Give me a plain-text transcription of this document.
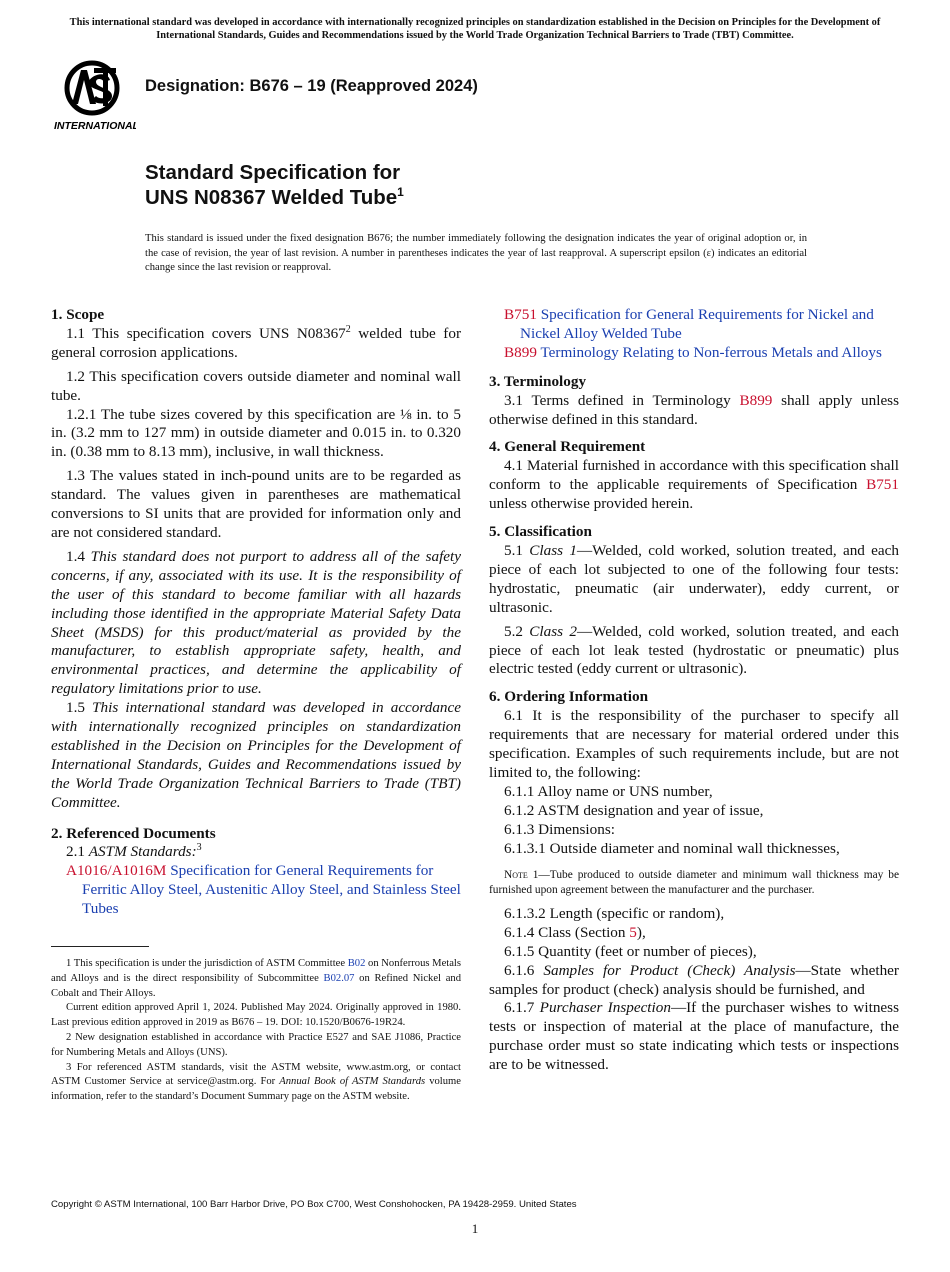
This international standard was developed in accordance with internationally recognized principles on standardization established in the Decision on Principles for the Development of International Standards, Guides and Recommendations issued by the World Trade Organization Technical Barriers to Trade (TBT) Committee.
INTERNATIONAL
Designation: B676 – 19 (Reapproved 2024)
Standard Specification for
UNS N08367 Welded Tube$^1$
This standard is issued under the fixed designation B676; the number immediately following the designation indicates the year of original adoption or, in the case of revision, the year of last revision. A number in parentheses indicates the year of last reapproval. A superscript epsilon (ε) indicates an editorial change since the last revision or reapproval.

1. Scope

1.1 This specification covers UNS N08367$^2$ welded tube for general corrosion applications.

1.2 This specification covers outside diameter and nominal wall tube.

1.2.1 The tube sizes covered by this specification are ⅛ in. to 5 in. (3.2 mm to 127 mm) in outside diameter and 0.015 in. to 0.320 in. (0.38 mm to 8.13 mm), inclusive, in wall thickness.

1.3 The values stated in inch-pound units are to be regarded as standard. The values given in parentheses are mathematical conversions to SI units that are provided for information only and are not considered standard.

1.4 This standard does not purport to address all of the safety concerns, if any, associated with its use. It is the responsibility of the user of this standard to become familiar with all hazards including those identified in the appropriate Material Safety Data Sheet (MSDS) for this product/material as provided by the manufacturer, to establish appropriate safety, health, and environmental practices, and determine the applicability of regulatory limitations prior to use.

1.5 This international standard was developed in accordance with internationally recognized principles on standardization established in the Decision on Principles for the Development of International Standards, Guides and Recommendations issued by the World Trade Organization Technical Barriers to Trade (TBT) Committee.

2. Referenced Documents

2.1 ASTM Standards:$^3$

A1016/A1016M Specification for General Requirements for Ferritic Alloy Steel, Austenitic Alloy Steel, and Stainless Steel Tubes

1 This specification is under the jurisdiction of ASTM Committee B02 on Nonferrous Metals and Alloys and is the direct responsibility of Subcommittee B02.07 on Refined Nickel and Cobalt and Their Alloys.

Current edition approved April 1, 2024. Published May 2024. Originally approved in 1980. Last previous edition approved in 2019 as B676 – 19. DOI: 10.1520/B0676-19R24.

2 New designation established in accordance with Practice E527 and SAE J1086, Practice for Numbering Metals and Alloys (UNS).

3 For referenced ASTM standards, visit the ASTM website, www.astm.org, or contact ASTM Customer Service at service@astm.org. For Annual Book of ASTM Standards volume information, refer to the standard’s Document Summary page on the ASTM website.

B751 Specification for General Requirements for Nickel and Nickel Alloy Welded Tube

B899 Terminology Relating to Non-ferrous Metals and Alloys

3. Terminology

3.1 Terms defined in Terminology B899 shall apply unless otherwise defined in this standard.

4. General Requirement

4.1 Material furnished in accordance with this specification shall conform to the applicable requirements of Specification B751 unless otherwise provided herein.

5. Classification

5.1 Class 1—Welded, cold worked, solution treated, and each piece of each lot subjected to one of the following four tests: hydrostatic, pneumatic (air underwater), eddy current, or ultrasonic.

5.2 Class 2—Welded, cold worked, solution treated, and each piece of each lot leak tested (hydrostatic or pneumatic) plus electric tested (eddy current or ultrasonic).

6. Ordering Information

6.1 It is the responsibility of the purchaser to specify all requirements that are necessary for material ordered under this specification. Examples of such requirements include, but are not limited to, the following:

6.1.1 Alloy name or UNS number,

6.1.2 ASTM designation and year of issue,

6.1.3 Dimensions:

6.1.3.1 Outside diameter and nominal wall thicknesses,

Note 1—Tube produced to outside diameter and minimum wall thickness may be furnished upon agreement between the manufacturer and the purchaser.

6.1.3.2 Length (specific or random),

6.1.4 Class (Section 5),

6.1.5 Quantity (feet or number of pieces),

6.1.6 Samples for Product (Check) Analysis—State whether samples for product (check) analysis should be furnished, and

6.1.7 Purchaser Inspection—If the purchaser wishes to witness tests or inspection of material at the place of manufacture, the purchase order must so state indicating which tests or inspections are to be witnessed.

Copyright © ASTM International, 100 Barr Harbor Drive, PO Box C700, West Conshohocken, PA 19428-2959. United States
1
